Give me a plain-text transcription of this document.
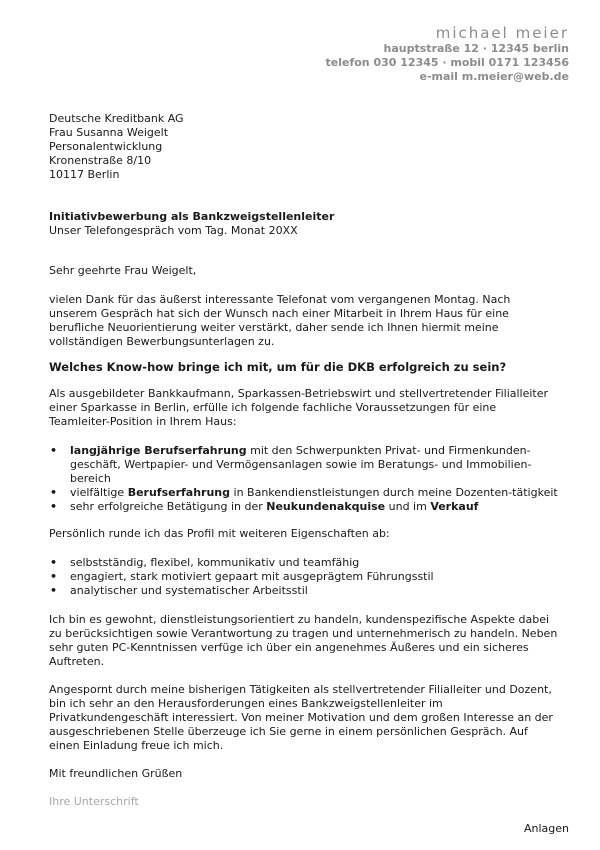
michael meier
hauptstraße 12 · 12345 berlin
telefon 030 12345 · mobil 0171 123456
e-mail m.meier@web.de
Deutsche Kreditbank AG
Frau Susanna Weigelt
Personalentwicklung
Kronenstraße 8/10
10117 Berlin
Initiativbewerbung als Bankzweigstellenleiter
Unser Telefongespräch vom Tag. Monat 20XX

Sehr geehrte Frau Weigelt,

vielen Dank für das äußerst interessante Telefonat vom vergangenen Montag. Nach unserem Gespräch hat sich der Wunsch nach einer Mitarbeit in Ihrem Haus für eine berufliche Neuorientierung weiter verstärkt, daher sende ich Ihnen hiermit meine vollständigen Bewerbungsunterlagen zu.

Welches Know-how bringe ich mit, um für die DKB erfolgreich zu sein?

Als ausgebildeter Bankkaufmann, Sparkassen-Betriebswirt und stellvertretender Filialleiter einer Sparkasse in Berlin, erfülle ich folgende fachliche Voraussetzungen für eine Teamleiter-Position in Ihrem Haus:

• langjährige Berufserfahrung mit den Schwerpunkten Privat- und Firmenkunden-geschäft, Wertpapier- und Vermögensanlagen sowie im Beratungs- und Immobilien-bereich
• vielfältige Berufserfahrung in Bankendienstleistungen durch meine Dozenten-tätigkeit
• sehr erfolgreiche Betätigung in der Neukundenakquise und im Verkauf

Persönlich runde ich das Profil mit weiteren Eigenschaften ab:

• selbstständig, flexibel, kommunikativ und teamfähig
• engagiert, stark motiviert gepaart mit ausgeprägtem Führungsstil
• analytischer und systematischer Arbeitsstil

Ich bin es gewohnt, dienstleistungsorientiert zu handeln, kundenspezifische Aspekte dabei zu berücksichtigen sowie Verantwortung zu tragen und unternehmerisch zu handeln. Neben sehr guten PC-Kenntnissen verfüge ich über ein angenehmes Äußeres und ein sicheres Auftreten.

Angespornt durch meine bisherigen Tätigkeiten als stellvertretender Filialleiter und Dozent, bin ich sehr an den Herausforderungen eines Bankzweigstellenleiter im Privatkundengeschäft interessiert. Von meiner Motivation und dem großen Interesse an der ausgeschriebenen Stelle überzeuge ich Sie gerne in einem persönlichen Gespräch. Auf einen Einladung freue ich mich.

Mit freundlichen Grüßen

Ihre Unterschrift

Anlagen
